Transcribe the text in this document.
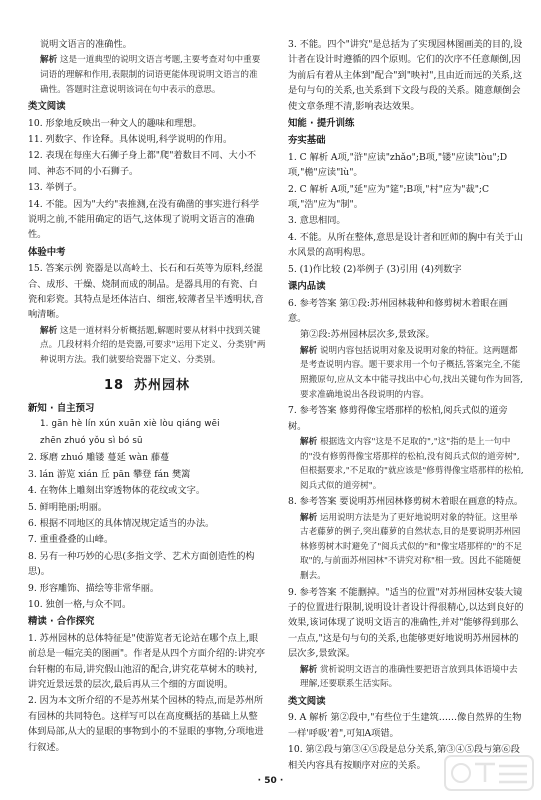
说明文语言的准确性。

解析 这是一道典型的说明文语言考题,主要考查对句中重要词语的理解和作用,表限制的词语更能体现说明文语言的准确性。答题时注意说明该词在句中表示的意思。

类文阅读

10. 形象地反映出一种文人的趣味和理想。

11. 列数字、作诠释。具体说明,科学说明的作用。

12. 表现在每座大石狮子身上都"爬"着数目不同、大小不同、神态不同的小石狮子。

13. 举例子。

14. 不能。因为"大约"表推测,在没有确凿的事实进行科学说明之前,不能用确定的语气,这体现了说明文语言的准确性。

体验中考

15. 答案示例 瓷器是以高岭土、长石和石英等为原料,经混合、成形、干燥、烧制而成的制品。是器具用的有瓷、白瓷和彩瓷。其特点是坯体洁白、细密,较薄者呈半透明状,音响清晰。

解析 这是一道材料分析概括题,解题时要从材料中找到关键点。几段材料介绍的是瓷器,可要求"运用下定义、分类别"两种说明方法。我们就要给瓷器下定义、分类别。

18 苏州园林
新知 · 自主预习

1. gān hè lín xún xuān xiè lòu qiáng wēi

zhēn zhuó yǒu sì bó sū

2. 琢磨 zhuó 雕镂 蔓延 wàn 藤蔓

3. lán 游览 xián 丘 pān 攀登 fán 樊篱

4. 在物体上雕刻出穿透物体的花纹或文字。

5. 鲜明艳丽;明丽。

6. 根据不同地区的具体情况规定适当的办法。

7. 重重叠叠的山峰。

8. 另有一种巧妙的心思(多指文学、艺术方面创造性的构思)。

9. 形容雕饰、描绘等非常华丽。

10. 独创一格,与众不同。

精读 · 合作探究

1. 苏州园林的总体特征是"使游览者无论站在哪个点上,眼前总是一幅完美的图画"。作者是从四个方面介绍的:讲究亭台轩榭的布局,讲究假山池沼的配合,讲究花草树木的映衬,讲究近景远景的层次,最后再从三个细的方面说明。

2. 因为本文所介绍的不是苏州某个园林的特点,而是苏州所有园林的共同特色。这样写可以在高度概括的基础上从整体到局部,从大的显眼的事物到小的不显眼的事物,分项地进行叙述。

3. 不能。四个"讲究"是总括为了实现园林图画美的目的,设计者在设计时遵循的四个原则。它们的次序不任意颠倒,因为前后有着从主体到"配合"到"映衬",且由近而远的关系,这是句与句的关系,也关系到下文段与段的关系。随意颠倒会使文章条理不清,影响表达效果。

知能 · 提升训练
夯实基础

1. C 解析 A项,"浒"应读"zhǎo";B项,"镂"应读"lòu";D项,"檐"应读"lù"。

2. C 解析 A项,"延"应为"筵";B项,"村"应为"裁";C项,"浩"应为"制"。

3. 意思相同。

4. 不能。从所在整体,意思是设计者和匠师的胸中有关于山水风景的高明构思。

5. (1)作比较 (2)举例子 (3)引用 (4)列数字

课内品读

6. 参考答案 第①段:苏州园林栽种和修剪树木着眼在画意。

第②段:苏州园林层次多,景致深。

解析 说明内容包括说明对象及说明对象的特征。这两题都是考查说明内容。题干要求用一个句子概括,答案完全,不能照搬原句,应从文本中能寻找出中心句,找出关键句作为回答,要求准确地说出各段说明的内容。

7. 参考答案 修剪得像宝塔那样的松柏,阅兵式似的道旁树。

解析 根据选文内容"这是不足取的","这"指的是上一句中的"没有修剪得像宝塔那样的松柏,没有阅兵式似的道旁树",但根据要求,"不足取的"就应该是"修剪得像宝塔那样的松柏,阅兵式似的道旁树"。

8. 参考答案 要说明苏州园林修剪树木着眼在画意的特点。

解析 运用说明方法是为了更好地说明对象的特征。这里举古老藤萝的例子,突出藤萝的自然状态,目的是要说明苏州园林修剪树木时避免了"阅兵式似的"和"像宝塔那样的"的不足取"的,与前面苏州园林"不讲究对称"相一致。因此不能随便删去。

9. 参考答案 不能删掉。"适当的位置"对苏州园林安装大镜子的位置进行限制,说明设计者设计得很精心,以达到良好的效果,该词体现了说明文语言的准确性,并对"能够得到那么一点点,"这是句与句的关系,也能够更好地说明苏州园林的层次多,景致深。

解析 赏析说明文语言的准确性要把语言放到具体语境中去理解,还要联系生活实际。

类文阅读

9. A 解析 第②段中,"有些位于生建筑……像自然界的生物一样'呼吸'着",可知A项错。

10. 第②段与第③④⑤段是总分关系,第③④⑤段与第⑥段相关内容具有按顺序对应的关系。

· 50 ·
